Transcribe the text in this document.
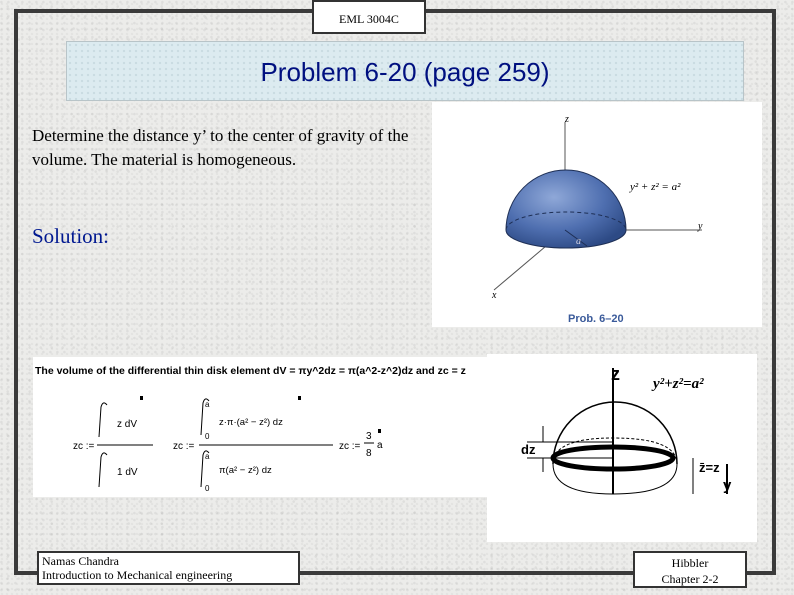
EML 3004C
Problem 6-20 (page 259)
Determine the distance y’ to the center of gravity of the volume. The material is homogeneous.
Solution:
z
y
x
y² + z² = a²
a
Prob. 6–20
The volume of the differential thin disk element dV = πy^2dz = π(a^2-z^2)dz and zc = z
zc :=
z dV
1 dV
zc :=
a
0
z·π·(a² − z²) dz
a
0
π(a² − z²) dz
zc :=
3
8
a
z y²+z²=a²
dz
z̄=z
y
Namas Chandra
Introduction to Mechanical engineering
Hibbler
Chapter 2-2
